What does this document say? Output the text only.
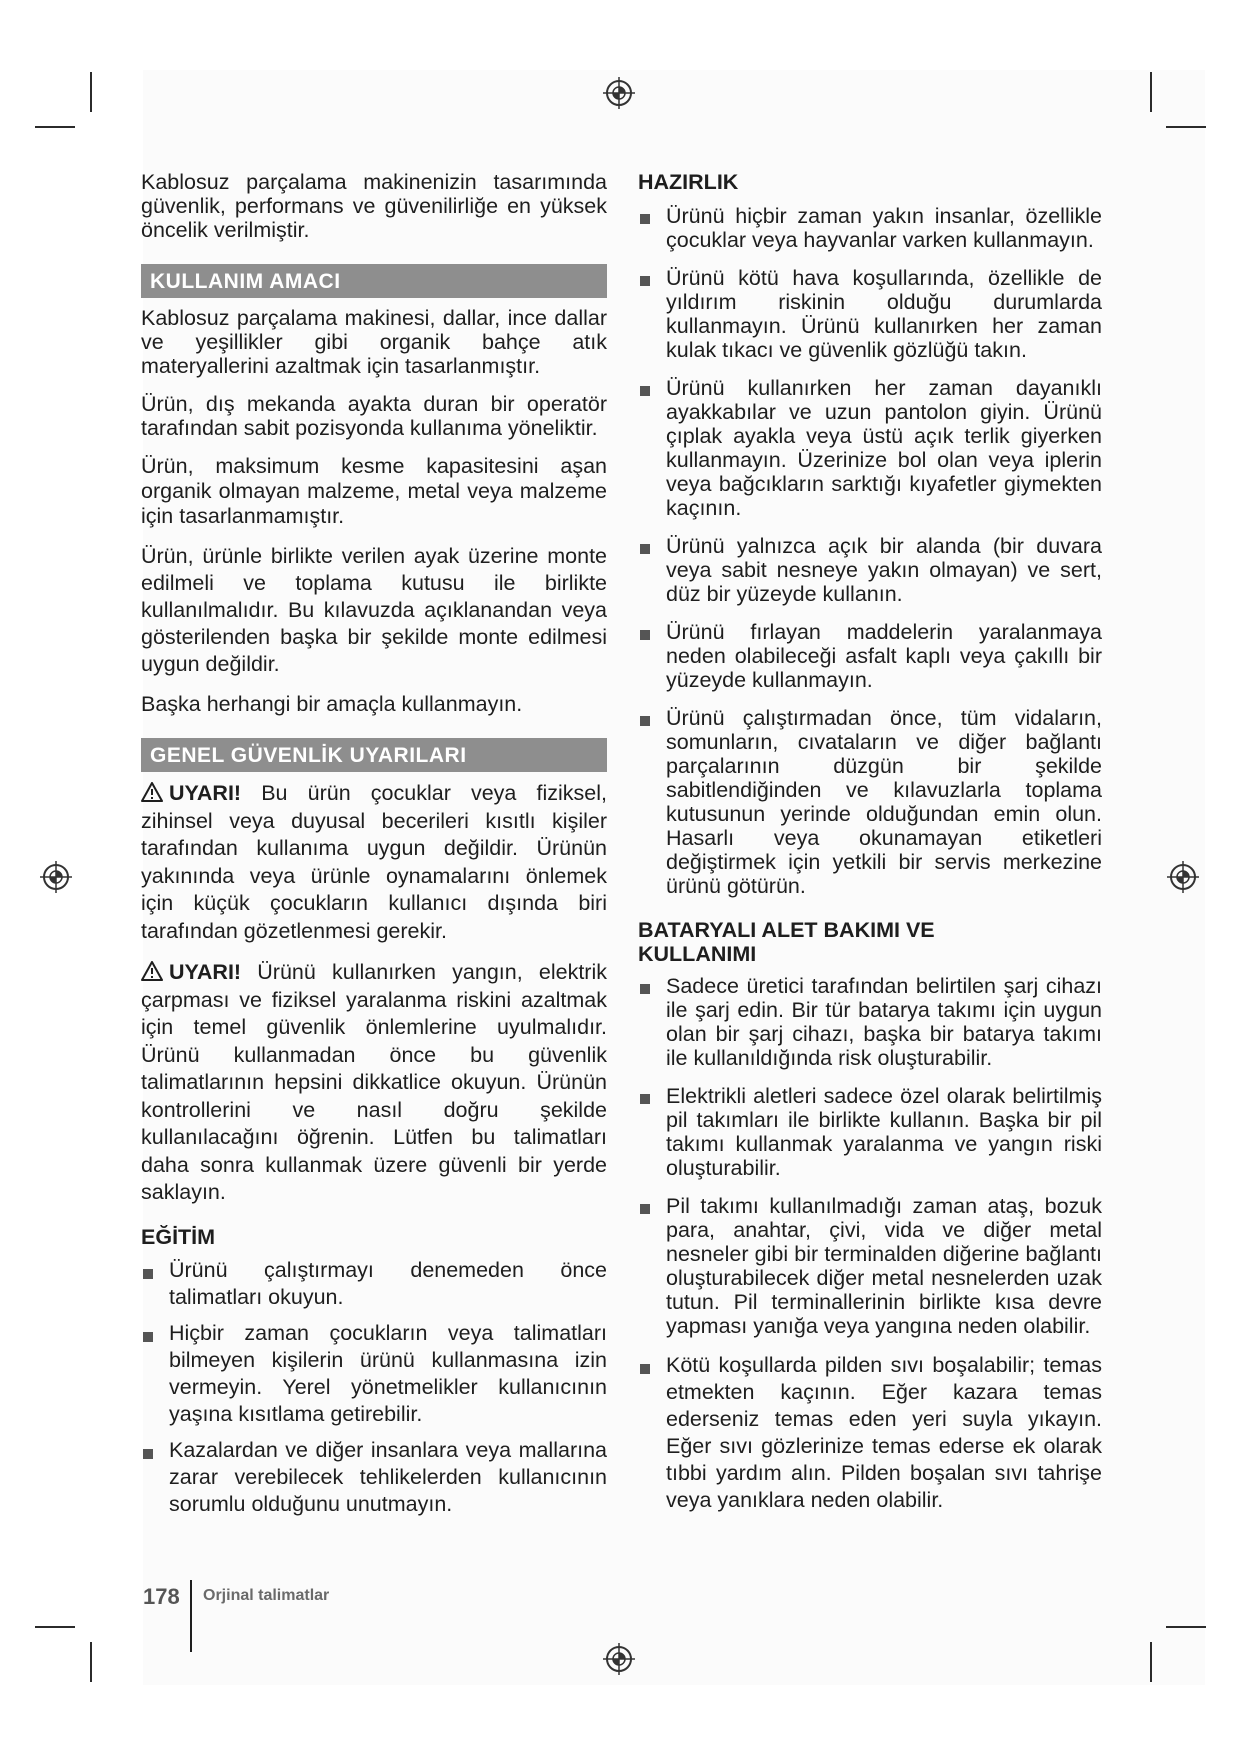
Kablosuz parçalama makinenizin tasarımında güvenlik, performans ve güvenilirliğe en yüksek öncelik verilmiştir.

KULLANIM AMACI

Kablosuz parçalama makinesi, dallar, ince dallar ve yeşillikler gibi organik bahçe atık materyallerini azaltmak için tasarlanmıştır.

Ürün, dış mekanda ayakta duran bir operatör tarafından sabit pozisyonda kullanıma yöneliktir.

Ürün, maksimum kesme kapasitesini aşan organik olmayan malzeme, metal veya malzeme için tasarlanmamıştır.

Ürün, ürünle birlikte verilen ayak üzerine monte edilmeli ve toplama kutusu ile birlikte kullanılmalıdır. Bu kılavuzda açıklanandan veya gösterilenden başka bir şekilde monte edilmesi uygun değildir.

Başka herhangi bir amaçla kullanmayın.

GENEL GÜVENLİK UYARILARI

UYARI! Bu ürün çocuklar veya fiziksel, zihinsel veya duyusal becerileri kısıtlı kişiler tarafından kullanıma uygun değildir. Ürünün yakınında veya ürünle oynamalarını önlemek için küçük çocukların kullanıcı dışında biri tarafından gözetlenmesi gerekir.

UYARI! Ürünü kullanırken yangın, elektrik çarpması ve fiziksel yaralanma riskini azaltmak için temel güvenlik önlemlerine uyulmalıdır. Ürünü kullanmadan önce bu güvenlik talimatlarının hepsini dikkatlice okuyun. Ürünün kontrollerini ve nasıl doğru şekilde kullanılacağını öğrenin. Lütfen bu talimatları daha sonra kullanmak üzere güvenli bir yerde saklayın.

EĞİTİM
Ürünü çalıştırmayı denemeden önce talimatları okuyun.
Hiçbir zaman çocukların veya talimatları bilmeyen kişilerin ürünü kullanmasına izin vermeyin. Yerel yönetmelikler kullanıcının yaşına kısıtlama getirebilir.
Kazalardan ve diğer insanlara veya mallarına zarar verebilecek tehlikelerden kullanıcının sorumlu olduğunu unutmayın.
HAZIRLIK
Ürünü hiçbir zaman yakın insanlar, özellikle çocuklar veya hayvanlar varken kullanmayın.
Ürünü kötü hava koşullarında, özellikle de yıldırım riskinin olduğu durumlarda kullanmayın. Ürünü kullanırken her zaman kulak tıkacı ve güvenlik gözlüğü takın.
Ürünü kullanırken her zaman dayanıklı ayakkabılar ve uzun pantolon giyin. Ürünü çıplak ayakla veya üstü açık terlik giyerken kullanmayın. Üzerinize bol olan veya iplerin veya bağcıkların sarktığı kıyafetler giymekten kaçının.
Ürünü yalnızca açık bir alanda (bir duvara veya sabit nesneye yakın olmayan) ve sert, düz bir yüzeyde kullanın.
Ürünü fırlayan maddelerin yaralanmaya neden olabileceği asfalt kaplı veya çakıllı bir yüzeyde kullanmayın.
Ürünü çalıştırmadan önce, tüm vidaların, somunların, cıvataların ve diğer bağlantı parçalarının düzgün bir şekilde sabitlendiğinden ve kılavuzlarla toplama kutusunun yerinde olduğundan emin olun. Hasarlı veya okunamayan etiketleri değiştirmek için yetkili bir servis merkezine ürünü götürün.
BATARYALI ALET BAKIMI VE KULLANIMI
Sadece üretici tarafından belirtilen şarj cihazı ile şarj edin. Bir tür batarya takımı için uygun olan bir şarj cihazı, başka bir batarya takımı ile kullanıldığında risk oluşturabilir.
Elektrikli aletleri sadece özel olarak belirtilmiş pil takımları ile birlikte kullanın. Başka bir pil takımı kullanmak yaralanma ve yangın riski oluşturabilir.
Pil takımı kullanılmadığı zaman ataş, bozuk para, anahtar, çivi, vida ve diğer metal nesneler gibi bir terminalden diğerine bağlantı oluşturabilecek diğer metal nesnelerden uzak tutun. Pil terminallerinin birlikte kısa devre yapması yanığa veya yangına neden olabilir.
Kötü koşullarda pilden sıvı boşalabilir; temas etmekten kaçının. Eğer kazara temas ederseniz temas eden yeri suyla yıkayın. Eğer sıvı gözlerinize temas ederse ek olarak tıbbi yardım alın. Pilden boşalan sıvı tahrişe veya yanıklara neden olabilir.
178 Orjinal talimatlar
